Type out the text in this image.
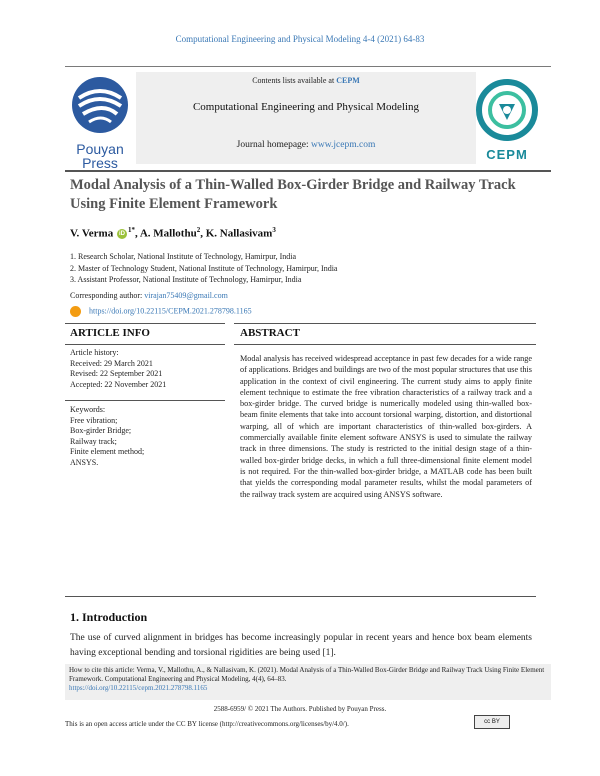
Computational Engineering and Physical Modeling 4-4 (2021) 64-83
Pouyan
Press
Contents lists available at CEPM
Computational Engineering and Physical Modeling
Journal homepage: www.jcepm.com
CEPM
Modal Analysis of a Thin-Walled Box-Girder Bridge and Railway Track Using Finite Element Framework
V. Verma $iD^{1*}$, A. Mallothu$^2$, K. Nallasivam$^3$
1. Research Scholar, National Institute of Technology, Hamirpur, India
2. Master of Technology Student, National Institute of Technology, Hamirpur, India
3. Assistant Professor, National Institute of Technology, Hamirpur, India
Corresponding author: virajan75409@gmail.com
https://doi.org/10.22115/CEPM.2021.278798.1165
ARTICLE INFO
Article history:
Received: 29 March 2021
Revised: 22 September 2021
Accepted: 22 November 2021
Keywords:
Free vibration;
Box-girder Bridge;
Railway track;
Finite element method;
ANSYS.
ABSTRACT
Modal analysis has received widespread acceptance in past few decades for a wide range of applications. Bridges and buildings are two of the most popular structures that use this application in the context of civil engineering. The current study aims to apply finite element technique to estimate the free vibration characteristics of a railway track and a box-girder bridge. The curved bridge is numerically modeled using thin-walled box-beam finite elements that take into account torsional warping, distortion, and distortional warping, all of which are important characteristics of thin-walled box-girders. A commercially available finite element software ANSYS is used to simulate the railway track in three dimensions. The study is restricted to the initial design stage of a thin-walled box-girder bridge decks, in which a full three-dimensional finite element model is not required. For the thin-walled box-girder bridge, a MATLAB code has been built that yields the corresponding modal parameter results, whilst the modal parameters of the railway track system are acquired using ANSYS software.
1. Introduction
The use of curved alignment in bridges has become increasingly popular in recent years and hence box beam elements having exceptional bending and torsional rigidities are being used [1].
How to cite this article: Verma, V., Mallothu, A., & Nallasivam, K. (2021). Modal Analysis of a Thin-Walled Box-Girder Bridge and Railway Track Using Finite Element Framework. Computational Engineering and Physical Modeling, 4(4), 64–83.
https://doi.org/10.22115/cepm.2021.278798.1165
2588-6959/ © 2021 The Authors. Published by Pouyan Press.
This is an open access article under the CC BY license (http://creativecommons.org/licenses/by/4.0/).	cc BY
